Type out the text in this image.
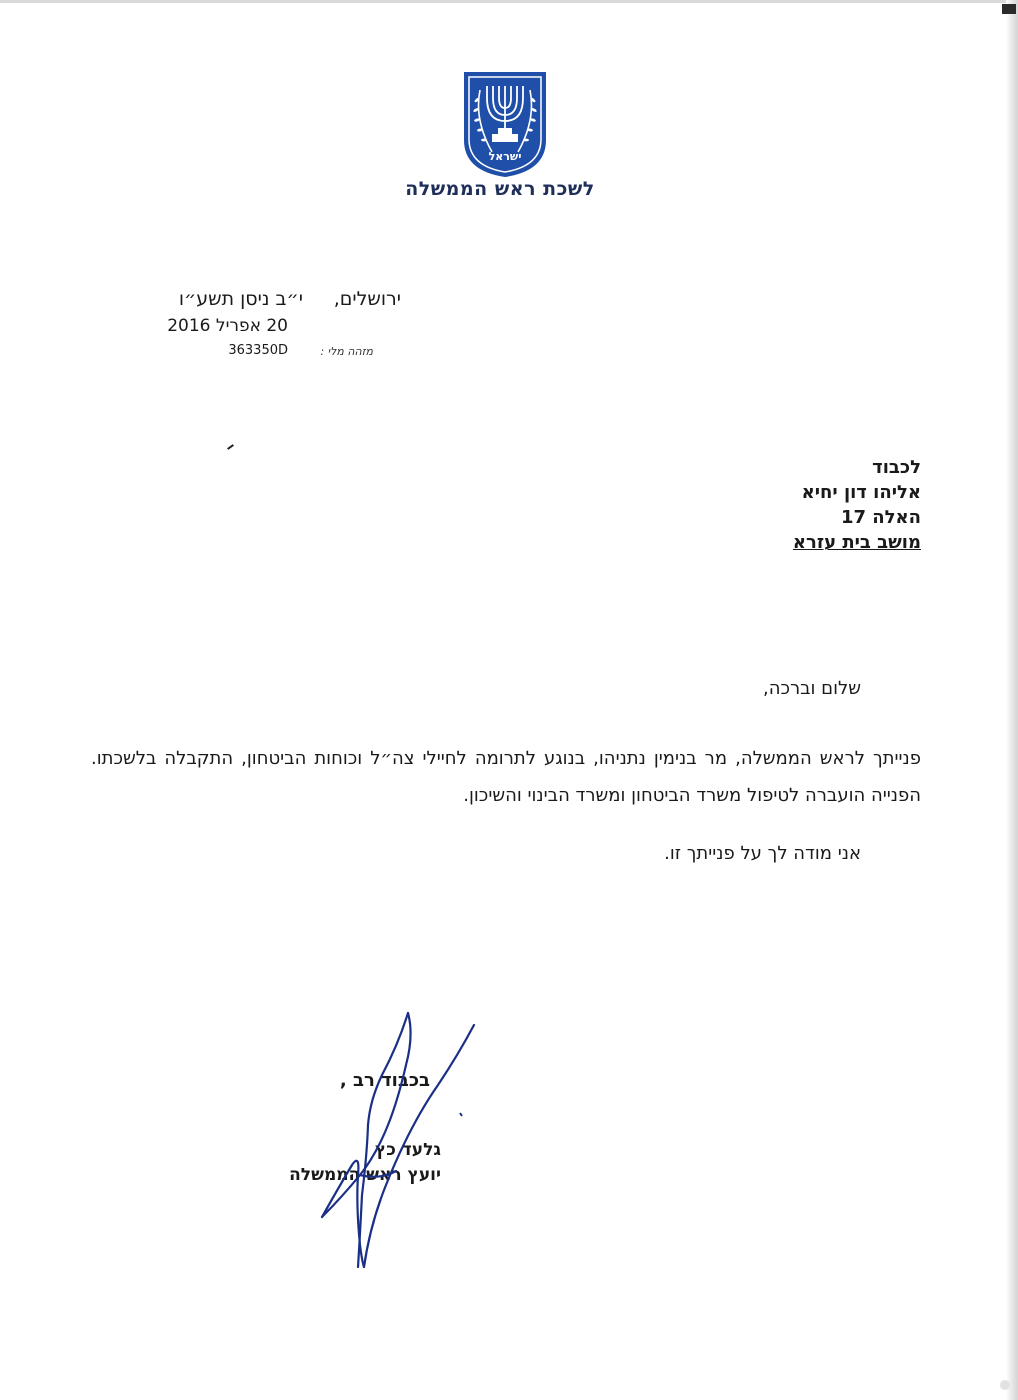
ישראל
לשכת ראש הממשלה
ירושלים,
י״ב ניסן תשע״ו
20 אפריל 2016
מזהה מלי :
363350D
לכבוד
אליהו דון יחיא
האלה 17
מושב בית עזרא
שלום וברכה,
פנייתך לראש הממשלה, מר בנימין נתניהו, בנוגע לתרומה לחיילי צה״ל וכוחות הביטחון, התקבלה בלשכתו. הפנייה הועברה לטיפול משרד הביטחון ומשרד הבינוי והשיכון.
אני מודה לך על פנייתך זו.
בכבוד רב ,
גלעד כץ
יועץ ראש הממשלה
